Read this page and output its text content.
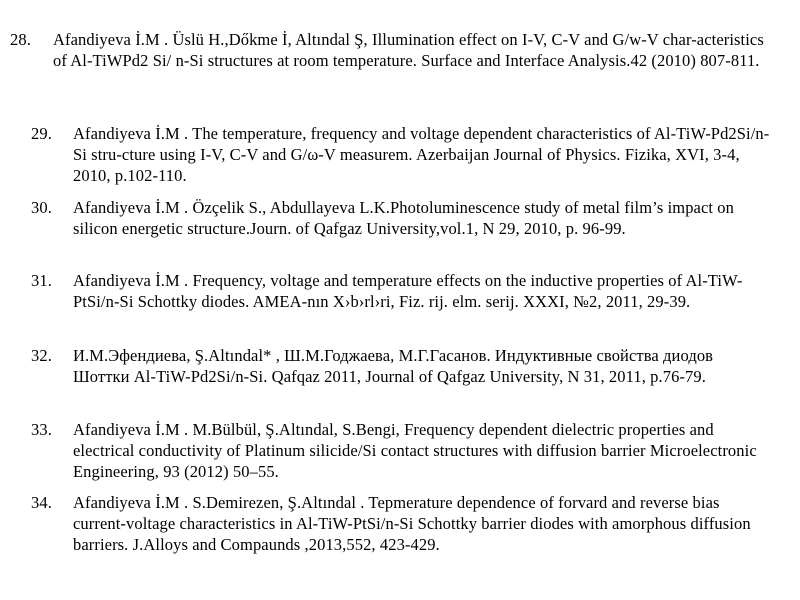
28. Afandiyeva İ.M . Üslü H.,Dőkme İ, Altındal Ş, Illumination effect on I-V, C-V and G/w-V char-acteristics of Al-TiWPd2 Si/ n-Si structures at room temperature. Surface and Interface Analysis.42 (2010) 807-811.
29. Afandiyeva İ.M . The temperature, frequency and voltage dependent characteristics of Al-TiW-Pd2Si/n-Si stru-cture using I-V, C-V and G/ω-V measurem. Azerbaijan Journal of Physics. Fizika, XVI, 3-4, 2010, p.102-110.
30. Afandiyeva İ.M . Özçelik S., Abdullayeva L.K.Photoluminescence study of metal film’s impact on silicon energetic structure.Journ. of Qafgaz University,vol.1, N 29, 2010, p. 96-99.
31. Afandiyeva İ.M . Frequency, voltage and temperature effects on the inductive properties of Al-TiW-PtSi/n-Si Schottky diodes. AMEA-nın Х›b›rl›ri, Fiz. riј. elm. seriј. XXXI, №2, 2011, 29-39.
32. И.М.Эфендиева, Ş.Altındal* , Ш.М.Годжаева, М.Г.Гасанов. Индуктивные свойства диодов Шоттки Al-TiW-Pd2Si/n-Si. Qafqaz 2011, Journal of Qafgaz University, N 31, 2011, p.76-79.
33. Afandiyeva İ.M . M.Bülbül, Ş.Altındal, S.Bengi, Frequency dependent dielectric properties and electrical conductivity of Platinum silicide/Si contact structures with diffusion barrier Microelectronic Engineering, 93 (2012) 50–55.
34. Afandiyeva İ.M . S.Demirezen, Ş.Altındal . Tepmerature dependence of forvard and reverse bias current-voltage characteristics in Al-TiW-PtSi/n-Si Schottky barrier diodes with amorphous diffusion barriers. J.Alloys and Compaunds ,2013,552, 423-429.
